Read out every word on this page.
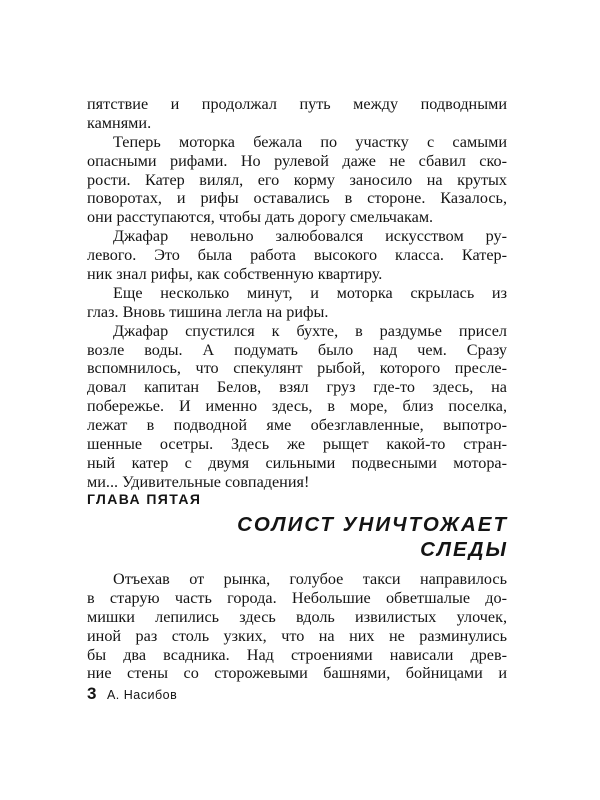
пятствие и продолжал путь между подводными
камнями.
Теперь моторка бежала по участку с самыми
опасными рифами. Но рулевой даже не сбавил ско-
рости. Катер вилял, его корму заносило на крутых
поворотах, и рифы оставались в стороне. Казалось,
они расступаются, чтобы дать дорогу смельчакам.
Джафар невольно залюбовался искусством ру-
левого. Это была работа высокого класса. Катер-
ник знал рифы, как собственную квартиру.
Еще несколько минут, и моторка скрылась из
глаз. Вновь тишина легла на рифы.
Джафар спустился к бухте, в раздумье присел
возле воды. А подумать было над чем. Сразу
вспомнилось, что спекулянт рыбой, которого пресле-
довал капитан Белов, взял груз где-то здесь, на
побережье. И именно здесь, в море, близ поселка,
лежат в подводной яме обезглавленные, выпотро-
шенные осетры. Здесь же рыщет какой-то стран-
ный катер с двумя сильными подвесными мотора-
ми... Удивительные совпадения!
ГЛАВА ПЯТАЯ
СОЛИСТ УНИЧТОЖАЕТ
СЛЕДЫ
Отъехав от рынка, голубое такси направилось
в старую часть города. Небольшие обветшалые до-
мишки лепились здесь вдоль извилистых улочек,
иной раз столь узких, что на них не разминулись
бы два всадника. Над строениями нависали древ-
ние стены со сторожевыми башнями, бойницами и
3 А. Насибов
